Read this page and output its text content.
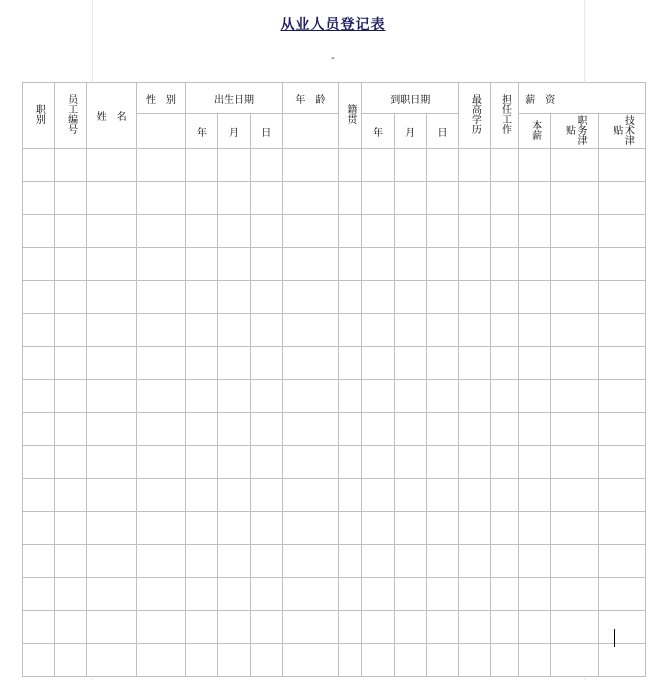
从业人员登记表
-
职别	员工编号	姓　名	性　别	出生日期			年　龄	籍贯	到职日期			最高学历	担任工作	薪　资		
				年	月	日			年	月	日			本薪	职务津贴	技术津贴
